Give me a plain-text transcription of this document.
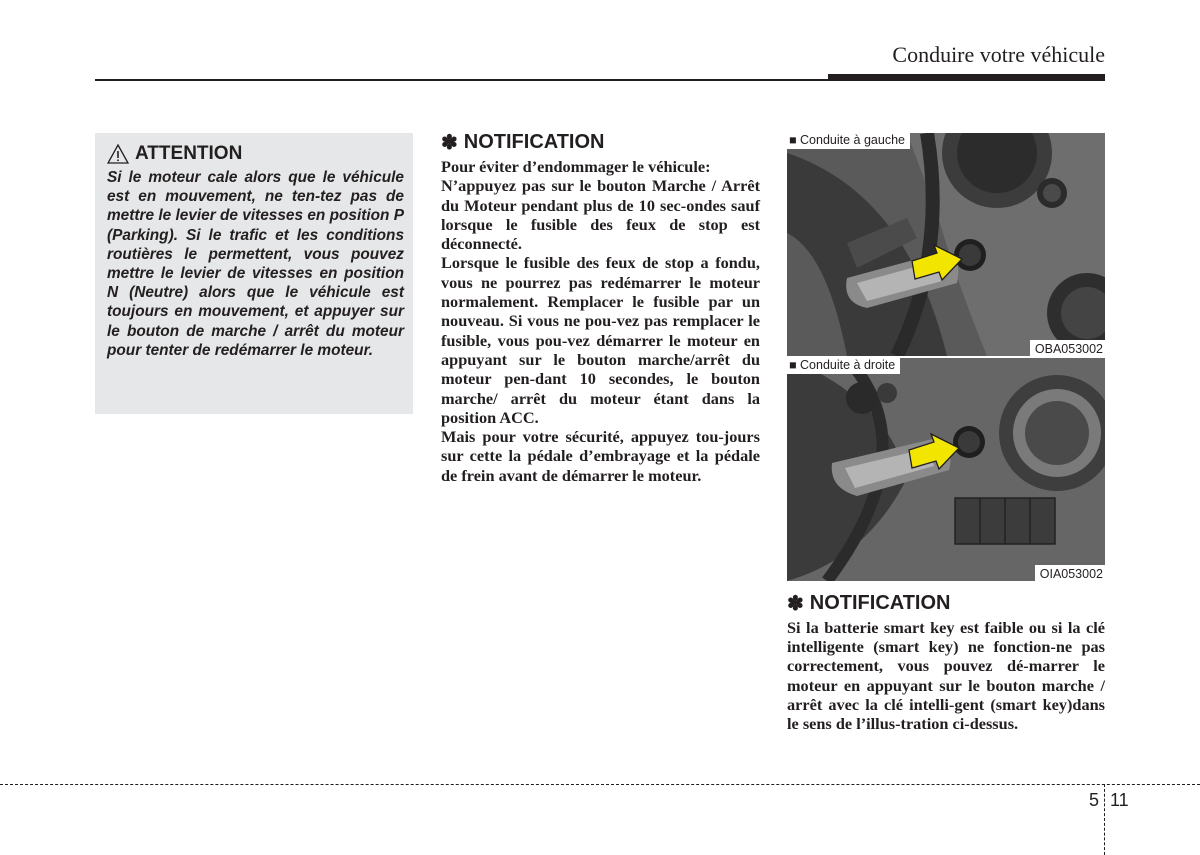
Conduire votre véhicule
ATTENTION
Si le moteur cale alors que le véhicule est en mouvement, ne ten-tez pas de mettre le levier de vitesses en position P (Parking). Si le trafic et les conditions routières le permettent, vous pouvez mettre le levier de vitesses en position N (Neutre) alors que le véhicule est toujours en mouvement, et appuyer sur le bouton de marche / arrêt du moteur pour tenter de redémarrer le moteur.
✽ NOTIFICATION
Pour éviter d’endommager le véhicule:
N’appuyez pas sur le bouton Marche / Arrêt du Moteur pendant plus de 10 sec-ondes sauf lorsque le fusible des feux de stop est déconnecté.
Lorsque le fusible des feux de stop a fondu, vous ne pourrez pas redémarrer le moteur normalement. Remplacer le fusible par un nouveau. Si vous ne pou-vez pas remplacer le fusible, vous pou-vez démarrer le moteur en appuyant sur le bouton marche/arrêt du moteur pen-dant 10 secondes, le bouton marche/ arrêt du moteur étant dans la position ACC.
Mais pour votre sécurité, appuyez tou-jours sur cette la pédale d’embrayage et la pédale de frein avant de démarrer le moteur.
■ Conduite à gauche
OBA053002
■ Conduite à droite
OIA053002
✽ NOTIFICATION
Si la batterie smart key est faible ou si la clé intelligente (smart key) ne fonction-ne pas correctement, vous pouvez dé-marrer le moteur en appuyant sur le bouton marche / arrêt avec la clé intelli-gent (smart key)dans le sens de l’illus-tration ci-dessus.
5 11
